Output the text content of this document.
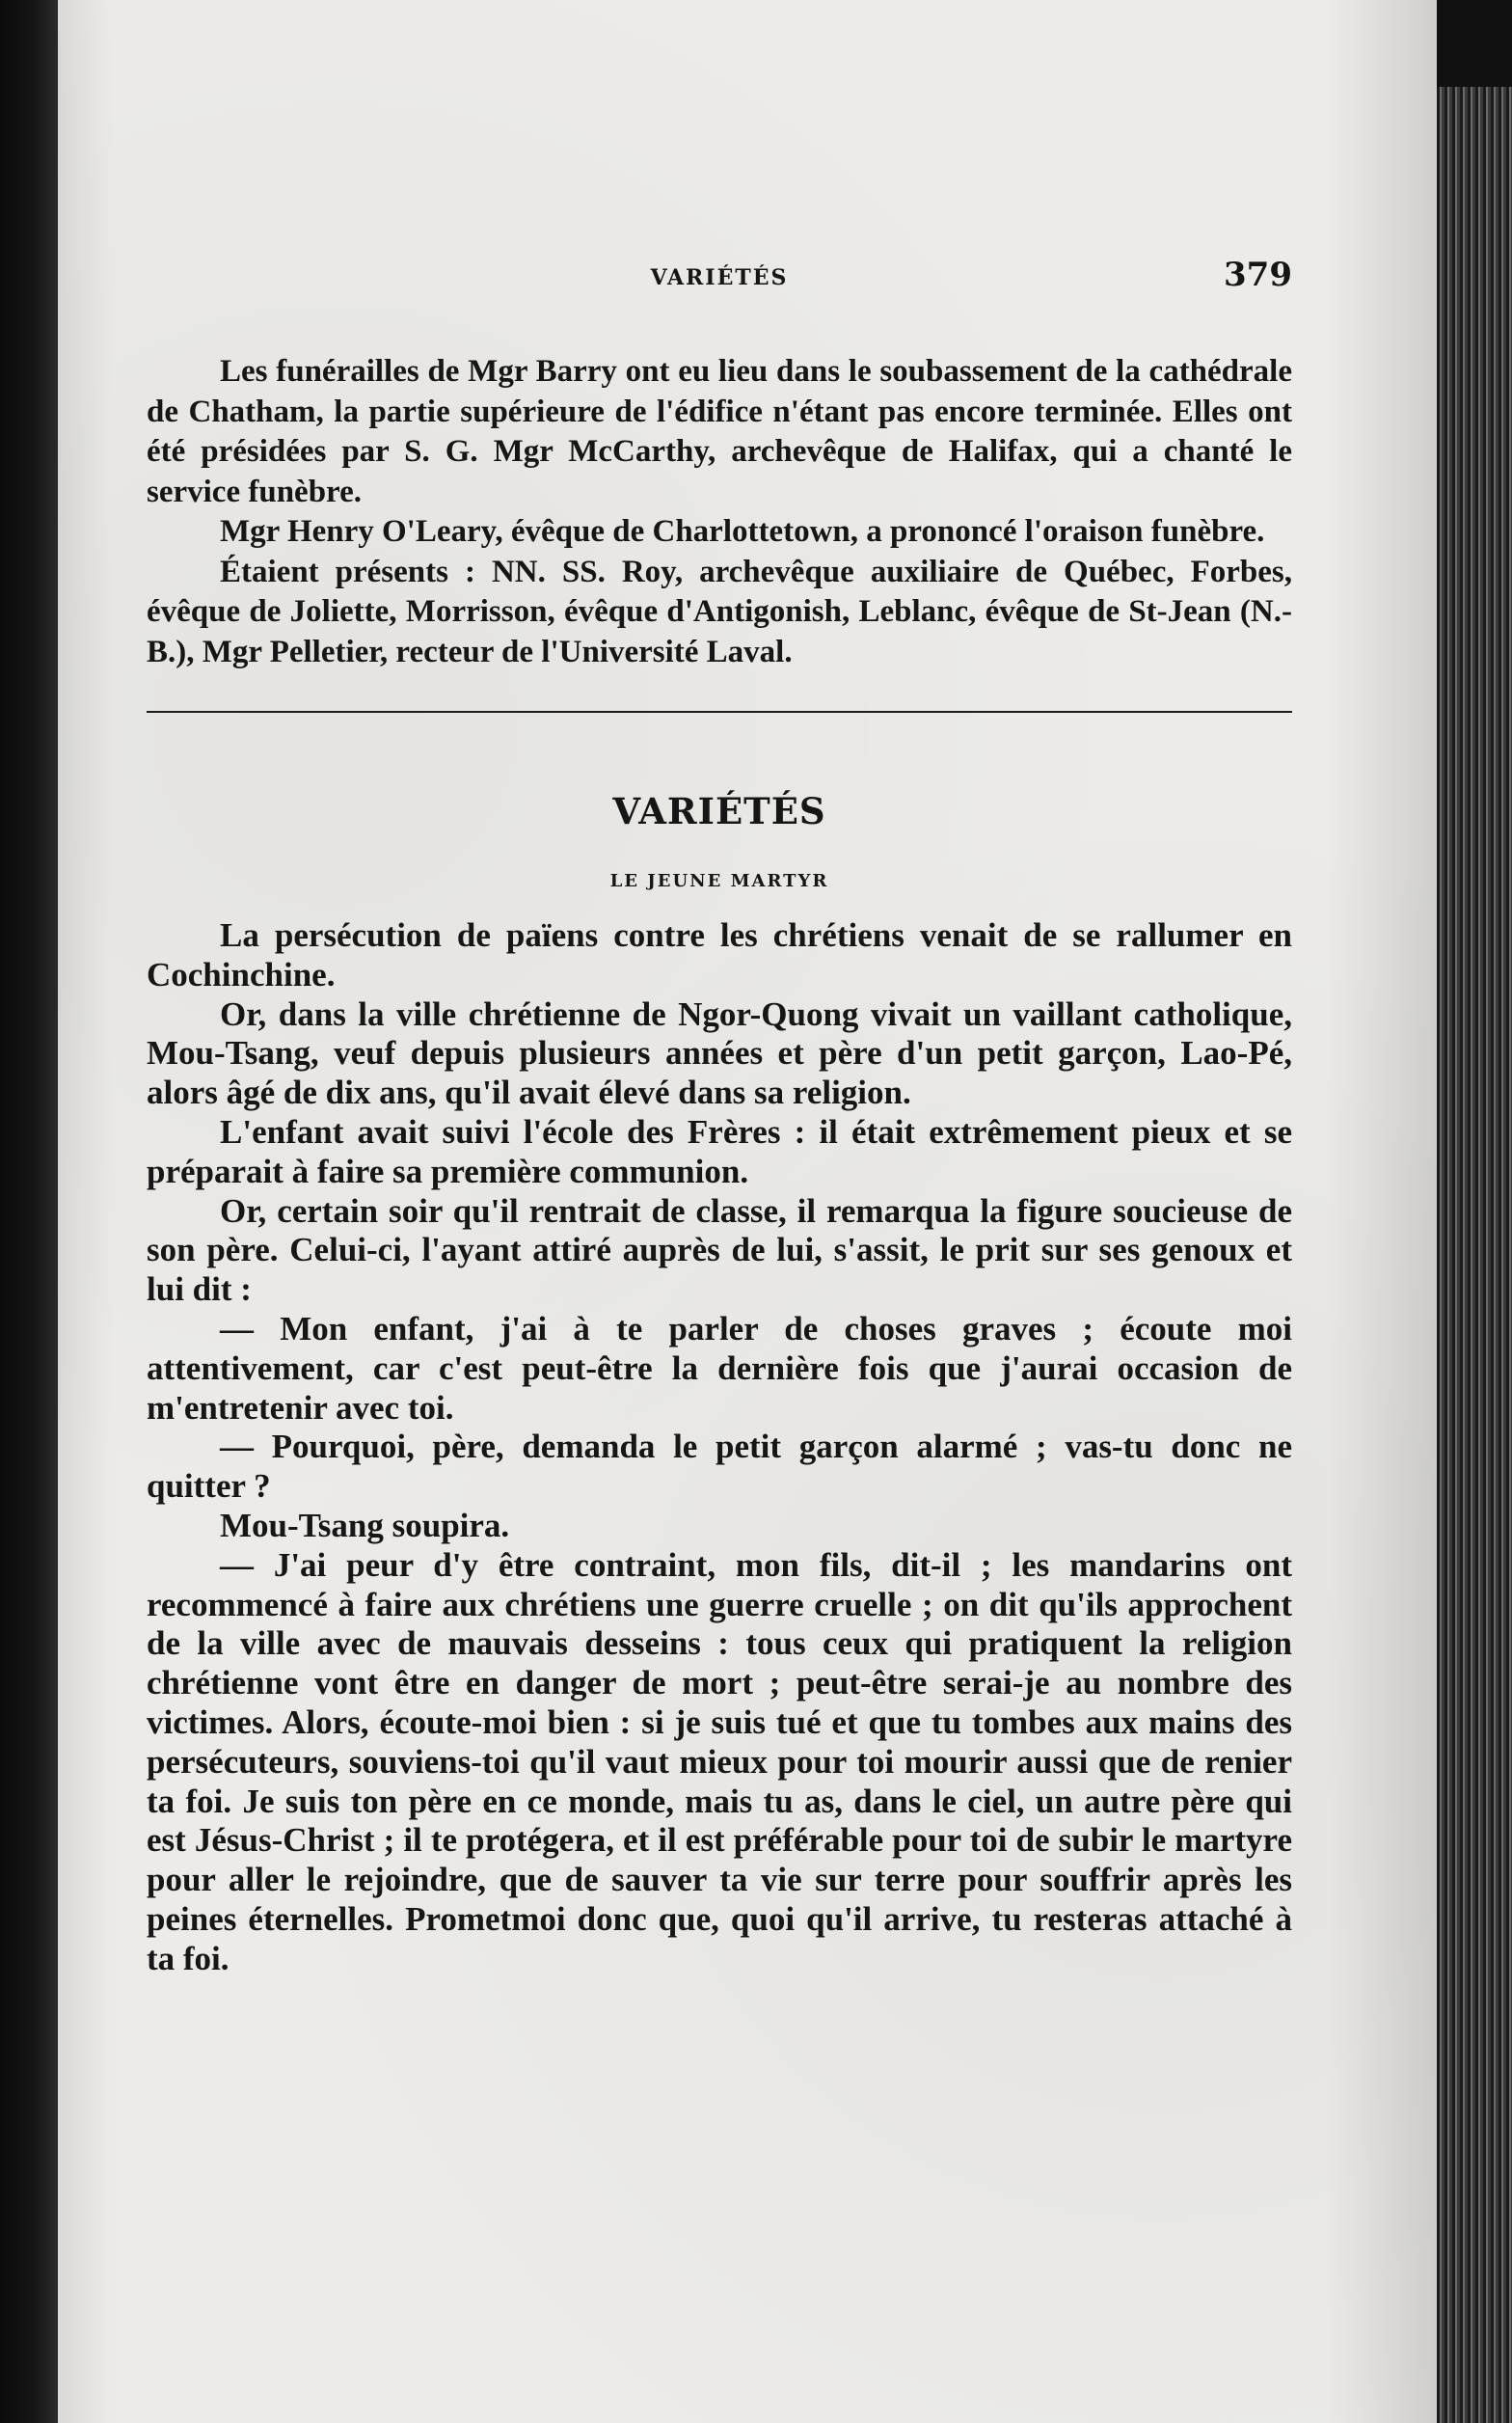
VARIÉTÉS	379

Les funérailles de Mgr Barry ont eu lieu dans le soubassement de la cathédrale de Chatham, la partie supérieure de l'édifice n'étant pas encore terminée. Elles ont été présidées par S. G. Mgr McCarthy, archevêque de Halifax, qui a chanté le service funèbre.

Mgr Henry O'Leary, évêque de Charlottetown, a prononcé l'oraison funèbre.

Étaient présents : NN. SS. Roy, archevêque auxiliaire de Québec, Forbes, évêque de Joliette, Morrisson, évêque d'Antigonish, Leblanc, évêque de St-Jean (N.-B.), Mgr Pelletier, recteur de l'Université Laval.

VARIÉTÉS
LE JEUNE MARTYR

La persécution de païens contre les chrétiens venait de se rallumer en Cochinchine.

Or, dans la ville chrétienne de Ngor-Quong vivait un vaillant catholique, Mou-Tsang, veuf depuis plusieurs années et père d'un petit garçon, Lao-Pé, alors âgé de dix ans, qu'il avait élevé dans sa religion.

L'enfant avait suivi l'école des Frères : il était extrêmement pieux et se préparait à faire sa première communion.

Or, certain soir qu'il rentrait de classe, il remarqua la figure soucieuse de son père. Celui-ci, l'ayant attiré auprès de lui, s'assit, le prit sur ses genoux et lui dit :

— Mon enfant, j'ai à te parler de choses graves ; écoute moi attentivement, car c'est peut-être la dernière fois que j'aurai occasion de m'entretenir avec toi.

— Pourquoi, père, demanda le petit garçon alarmé ; vas-tu donc ne quitter ?

Mou-Tsang soupira.

— J'ai peur d'y être contraint, mon fils, dit-il ; les mandarins ont recommencé à faire aux chrétiens une guerre cruelle ; on dit qu'ils approchent de la ville avec de mauvais desseins : tous ceux qui pratiquent la religion chrétienne vont être en danger de mort ; peut-être serai-je au nombre des victimes. Alors, écoute-moi bien : si je suis tué et que tu tombes aux mains des persécuteurs, souviens-toi qu'il vaut mieux pour toi mourir aussi que de renier ta foi. Je suis ton père en ce monde, mais tu as, dans le ciel, un autre père qui est Jésus-Christ ; il te protégera, et il est préférable pour toi de subir le martyre pour aller le rejoindre, que de sauver ta vie sur terre pour souffrir après les peines éternelles. Prometmoi donc que, quoi qu'il arrive, tu resteras attaché à ta foi.
